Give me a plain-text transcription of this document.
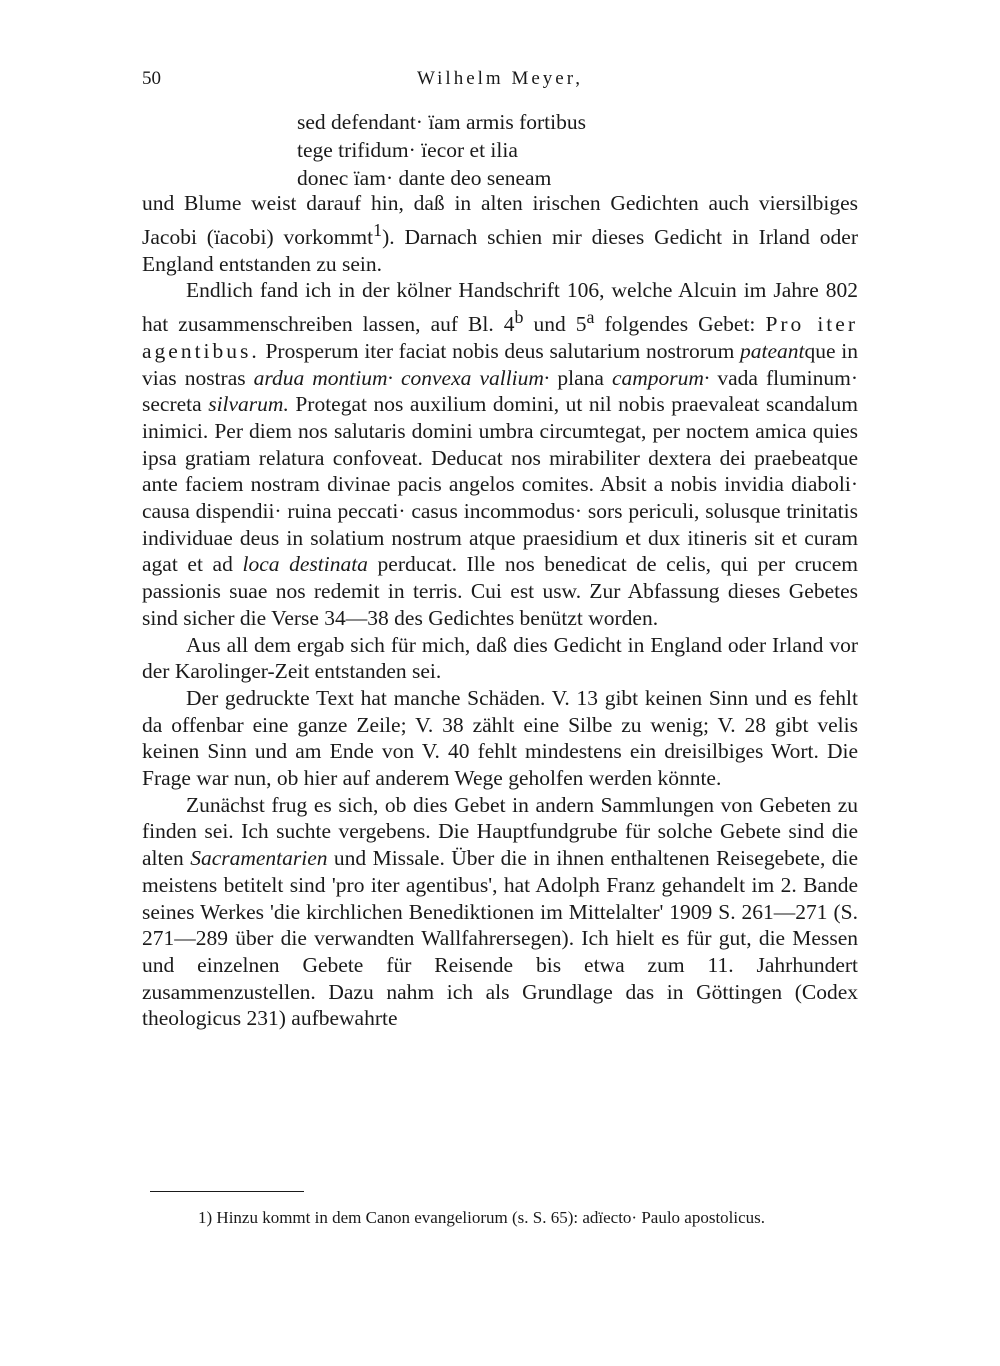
50	Wilhelm Meyer,
sed defendant· ïam armis fortibus
tege trifidum· ïecor et ilia
donec ïam· dante deo seneam

und Blume weist darauf hin, daß in alten irischen Gedichten auch viersilbiges Jacobi (ïacobi) vorkommt$^1$). Darnach schien mir dieses Gedicht in Irland oder England entstanden zu sein.

Endlich fand ich in der kölner Handschrift 106, welche Alcuin im Jahre 802 hat zusammenschreiben lassen, auf Bl. 4$^b$ und 5$^a$ folgendes Gebet: Pro iter agentibus. Prosperum iter faciat nobis deus salutarium nostrorum pateantque in vias nostras ardua montium· convexa vallium· plana camporum· vada fluminum· secreta silvarum. Protegat nos auxilium domini, ut nil nobis praevaleat scandalum inimici. Per diem nos salutaris domini umbra circumtegat, per noctem amica quies ipsa gratiam relatura confoveat. Deducat nos mirabiliter dextera dei praebeatque ante faciem nostram divinae pacis angelos comites. Absit a nobis invidia diaboli· causa dispendii· ruina peccati· casus incommodus· sors periculi, solusque trinitatis individuae deus in solatium nostrum atque praesidium et dux itineris sit et curam agat et ad loca destinata perducat. Ille nos benedicat de celis, qui per crucem passionis suae nos redemit in terris. Cui est usw. Zur Abfassung dieses Gebetes sind sicher die Verse 34—38 des Gedichtes benützt worden.

Aus all dem ergab sich für mich, daß dies Gedicht in England oder Irland vor der Karolinger-Zeit entstanden sei.

Der gedruckte Text hat manche Schäden. V. 13 gibt keinen Sinn und es fehlt da offenbar eine ganze Zeile; V. 38 zählt eine Silbe zu wenig; V. 28 gibt velis keinen Sinn und am Ende von V. 40 fehlt mindestens ein dreisilbiges Wort. Die Frage war nun, ob hier auf anderem Wege geholfen werden könnte.

Zunächst frug es sich, ob dies Gebet in andern Sammlungen von Gebeten zu finden sei. Ich suchte vergebens. Die Hauptfundgrube für solche Gebete sind die alten Sacramentarien und Missale. Über die in ihnen enthaltenen Reisegebete, die meistens betitelt sind 'pro iter agentibus', hat Adolph Franz gehandelt im 2. Bande seines Werkes 'die kirchlichen Benediktionen im Mittelalter' 1909 S. 261—271 (S. 271—289 über die verwandten Wallfahrersegen). Ich hielt es für gut, die Messen und einzelnen Gebete für Reisende bis etwa zum 11. Jahrhundert zusammenzustellen. Dazu nahm ich als Grundlage das in Göttingen (Codex theologicus 231) aufbewahrte

1) Hinzu kommt in dem Canon evangeliorum (s. S. 65): adïecto· Paulo apostolicus.
